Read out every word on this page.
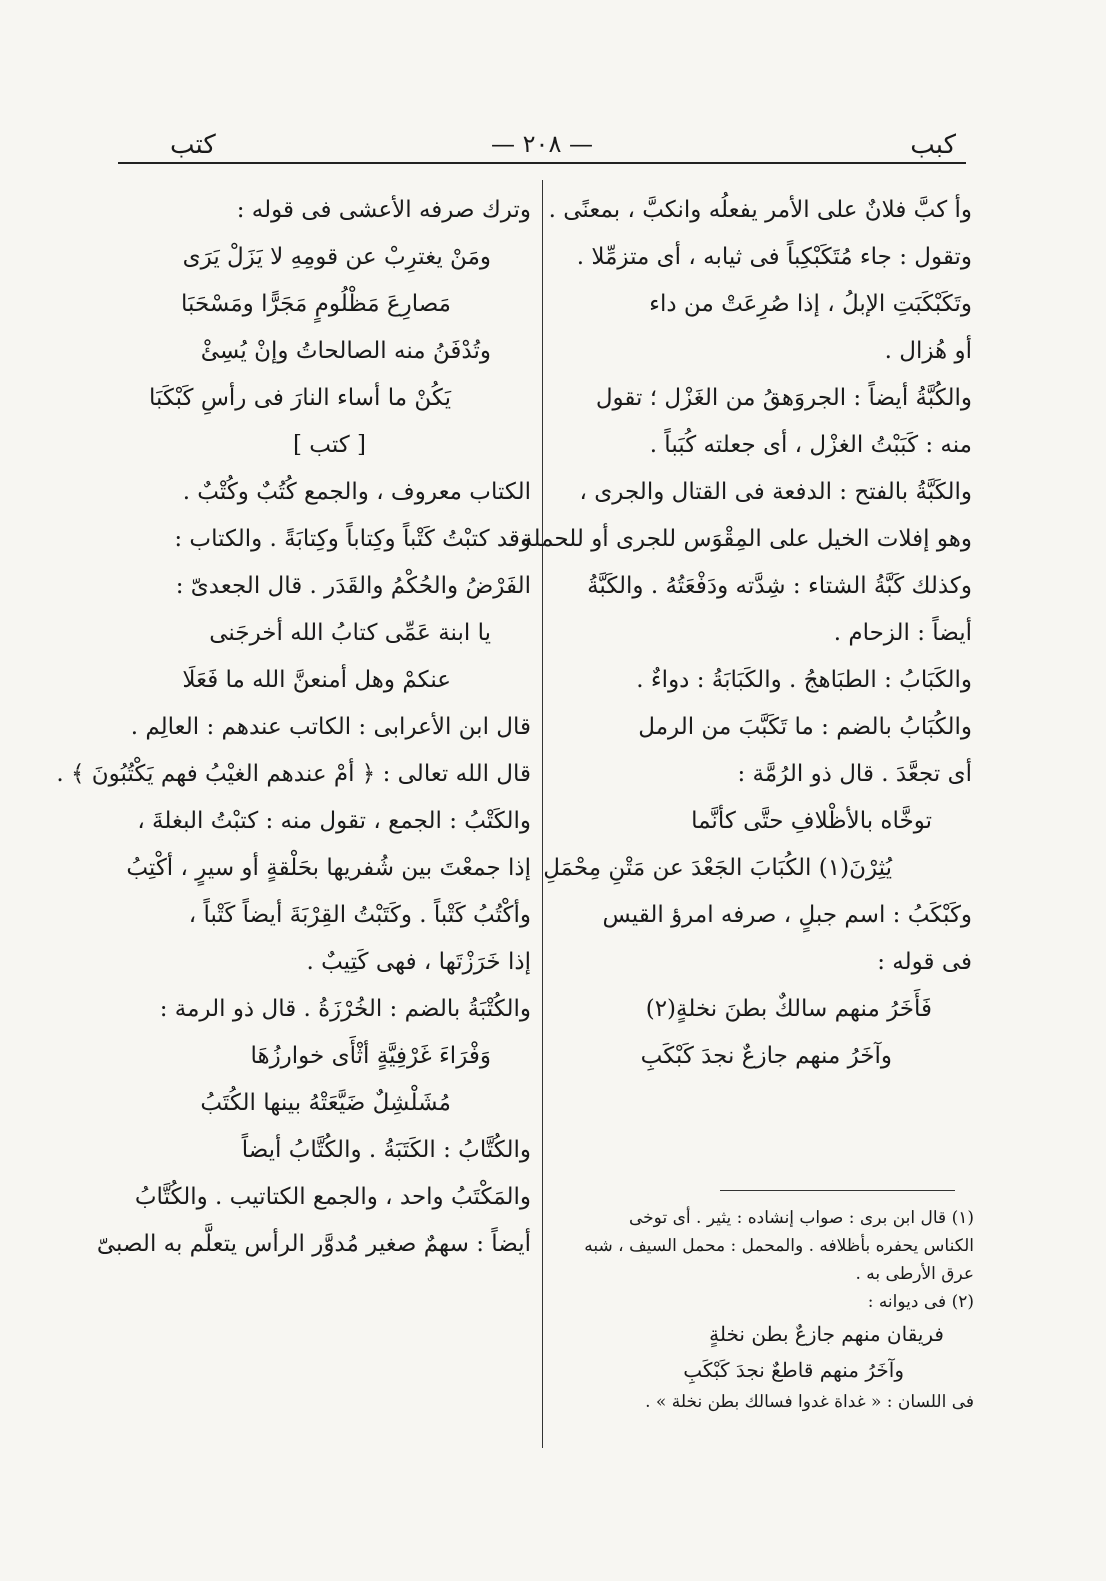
كبب
— ٢٠٨ —
كتب
وأ كبَّ فلانٌ على الأمر يفعلُه وانكبَّ ، بمعنًى .
وتقول : جاء مُتَكَبْكِباً فى ثيابه ، أى متزمِّلا .
وتَكَبْكَبَتِ الإبلُ ، إذا صُرِعَتْ من داء
أو هُزال .
والكُبَّةُ أيضاً : الجروَهقُ من الغَزْل ؛ تقول
منه : كَبَبْتُ الغزْل ، أى جعلته كُبَباً .
والكَبَّةُ بالفتح : الدفعة فى القتال والجرى ،
وهو إفلات الخيل على المِقْوَس للجرى أو للحملة .
وكذلك كَبَّةُ الشتاء : شِدَّته ودَفْعَتُهُ . والكَبَّةُ
أيضاً : الزحام .
والكَبَابُ : الطبَاهجُ . والكَبَابَةُ : دواءٌ .
والكُبَابُ بالضم : ما تَكَبَّبَ من الرمل
أى تجعَّدَ . قال ذو الرُمَّة :
توخَّاه بالأظْلافِ حتَّى كأنَّما
يُثِرْنَ(١) الكُبَابَ الجَعْدَ عن مَتْنِ مِحْمَلِ
وكَبْكَبُ : اسم جبلٍ ، صرفه امرؤ القيس
فى قوله :
فَأَخَرُ منهم سالكٌ بطنَ نخلةٍ(٢)
وآخَرُ منهم جازعٌ نجدَ كَبْكَبِ
وترك صرفه الأعشى فى قوله :
ومَنْ يغترِبْ عن قومِهِ لا يَزَلْ يَرَى
مَصارِعَ مَظْلُومٍ مَجَرًّا ومَسْحَبَا
وتُدْفَنُ منه الصالحاتُ وإنْ يُسِئْ
يَكُنْ ما أساء النارَ فى رأسِ كَبْكَبَا
[ كتب ]
الكتاب معروف ، والجمع كُتُبٌ وكُتْبٌ .
وقد كتبْتُ كَتْباً وكِتاباً وكِتابَةً . والكتاب :
الفَرْضُ والحُكْمُ والقَدَر . قال الجعدىّ :
يا ابنة عَمِّى كتابُ الله أخرجَنى
عنكمْ وهل أمنعنَّ الله ما فَعَلَا
قال ابن الأعرابى : الكاتب عندهم : العالِم .
قال الله تعالى : ﴿ أمْ عندهم الغيْبُ فهم يَكْتُبُونَ ﴾ .
والكَتْبُ : الجمع ، تقول منه : كتبْتُ البغلةَ ،
إذا جمعْتَ بين شُفريها بحَلْقةٍ أو سيرٍ ، أكْتِبُ
وأكْتُبُ كَتْباً . وكَتَبْتُ القِرْبَةَ أيضاً كَتْباً ،
إذا خَرَزْتَها ، فهى كَتِيبٌ .
والكُتْبَةُ بالضم : الخُرْزَةُ . قال ذو الرمة :
وَفْرَاءَ غَرْفِيَّةٍ أثْأَى خوارزُهَا
مُشَلْشِلٌ ضَيَّعَتْهُ بينها الكُتَبُ
والكُتَّابُ : الكَتَبَةُ . والكُتَّابُ أيضاً
والمَكْتَبُ واحد ، والجمع الكتاتيب . والكُتَّابُ
أيضاً : سهمٌ صغير مُدوَّر الرأس يتعلَّم به الصبىّ
(١) قال ابن برى : صواب إنشاده : يثير . أى توخى
الكناس يحفره بأظلافه . والمحمل : محمل السيف ، شبه
عرق الأرطى به .
(٢) فى ديوانه :
فريقان منهم جازعٌ بطن نخلةٍ
وآخَرُ منهم قاطعٌ نجدَ كَبْكَبِ
فى اللسان : « غداة غدوا فسالك بطن نخلة » .
